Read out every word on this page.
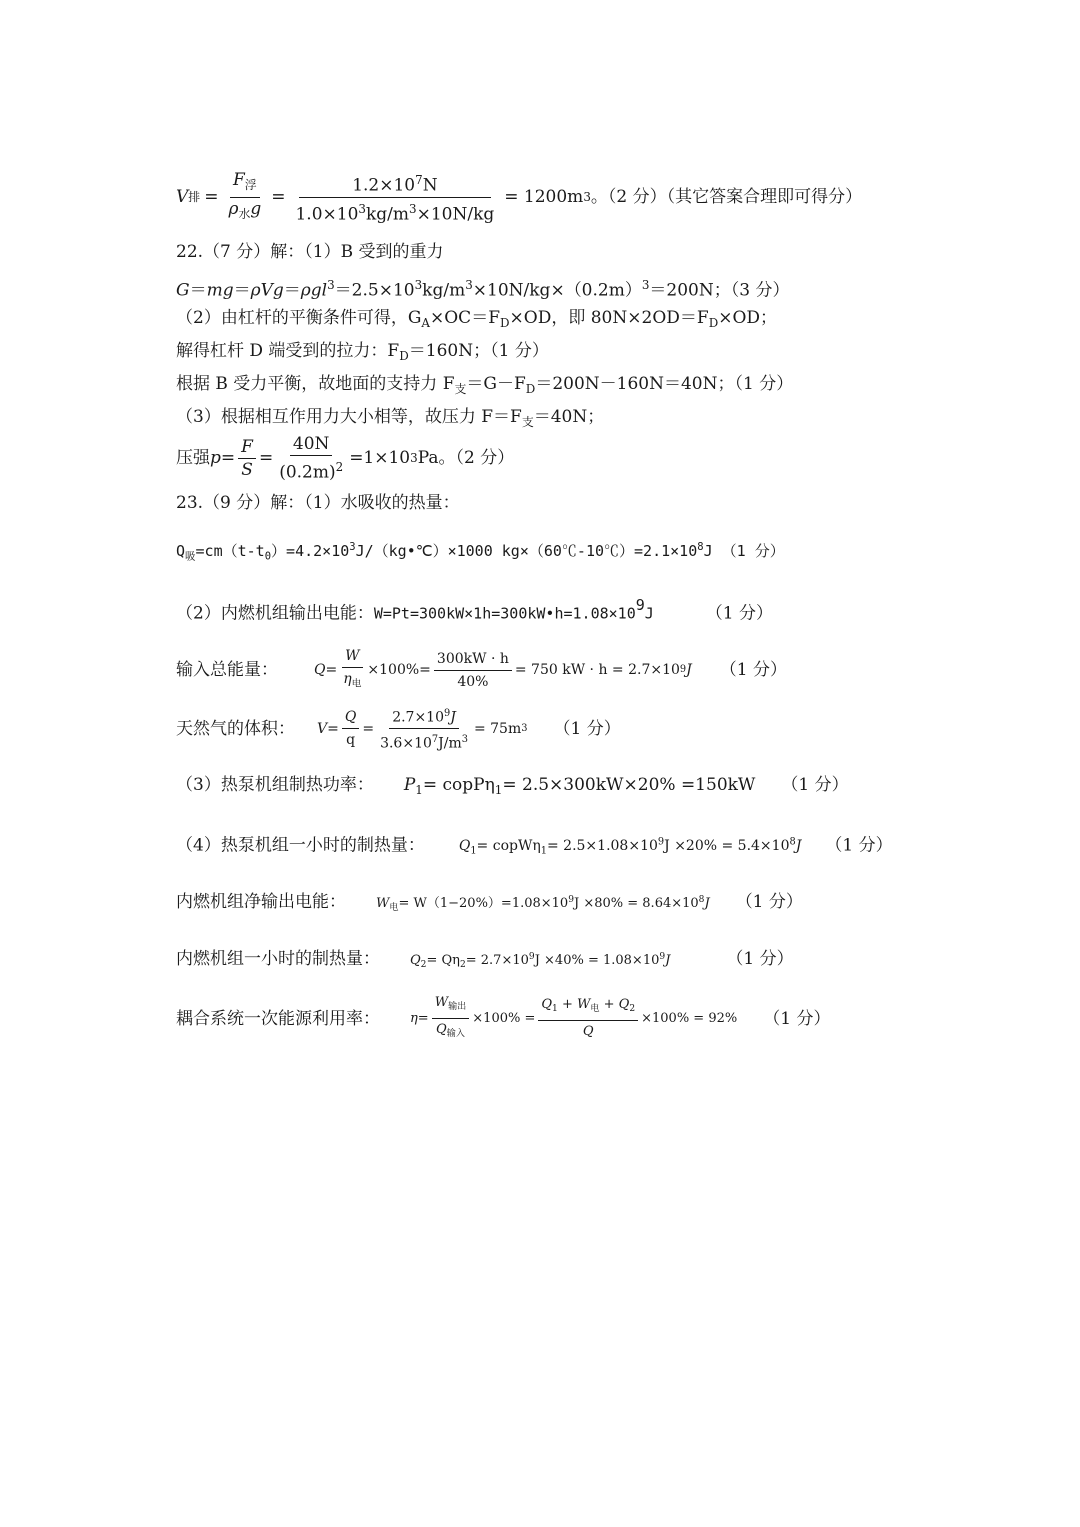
V 排 = $\frac{F_浮}{\rho_水g} = \frac{1.2\times 10^7N}{1.0\times 10^3kg/m^3\times 10N/kg} = 1200m$ 3 。（2 分）（其它答案合理即可得分）
22.（7 分）解：（1）B 受到的重力
$G=mg=\rho Vg=\rho gl^3=2.5\times 10^3kg/m^3\times 10N/kg\times(0.2m)^3=200N$；（3 分）
（2）由杠杆的平衡条件可得，$G_A\times OC=F_D\times OD$，即 $80N\times 2OD=F_D\times OD$；
解得杠杆 D 端受到的拉力：$F_D=160N$；（1 分）
根据 B 受力平衡，故地面的支持力 $F_支=G-F_D=200N-160N=40N$；（1 分）
（3）根据相互作用力大小相等，故压力 $F=F_支=40N$；
压强 $p = \frac{F}{S} = \frac{40N}{(0.2m)^2} =1\times 10$ 3 Pa。（2 分）
23.（9 分）解：（1）水吸收的热量：
$Q_吸=cm(t-t_0)=4.2\times 10^3J/(kg•℃)\times 1000$ $kg\times(60℃-10℃)=2.1\times 10^8J$ （1 分）
（2）内燃机组输出电能：W=Pt=300kW×1h=300kW•h=1.08×109J	（1 分）
输入总能量：	$Q = \frac{W}{\eta_电} \times 100\% = \frac{300kW \cdot h}{40\%} = 750$ kW · h = 2.7×10 9 J （1 分）
天然气的体积： $V = \frac{Q}{q} = \frac{2.7\times 10^9J}{3.6\times 10^7J/m^3} = 75m$ 3 （1 分）
（3）热泵机组制热功率： $P_1=$ copPη$_1$= 2.5×300kW×20% =150kW （1 分）
（4）热泵机组一小时的制热量： $Q_1=$ copWη$_1$= $2.5\times 1.08\times 10^9J \times 20\% = 5.4\times 10^8J$ （1 分）
内燃机组净输出电能： $W_电= W(1-20\%)=1.08\times 10^9J \times 80\% = 8.64\times 10^8J$ （1 分）
内燃机组一小时的制热量： $Q_2= Q\eta_2= 2.7\times 10^9J \times 40\% = 1.08\times 10^9J$	（1 分）
耦合系统一次能源利用率： $\eta = \frac{W_{输出}}{Q_{输入}} \times 100\% = \frac{Q_1 + W_电 + Q_2}{Q} \times 100\% = 92\%$ （1 分）
